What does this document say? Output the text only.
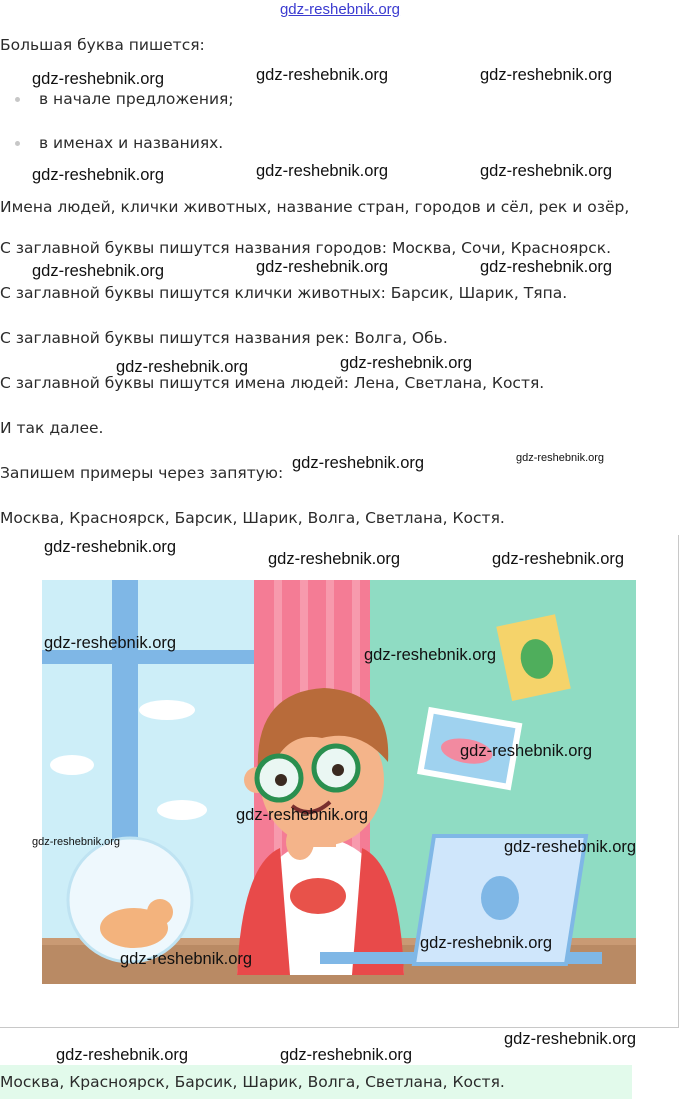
gdz-reshebnik.org
Большая буква пишется:
в начале предложения;
в именах и названиях.
Имена людей, клички животных, название стран, городов и сёл, рек и озёр,
С заглавной буквы пишутся названия городов: Москва, Сочи, Красноярск.
С заглавной буквы пишутся клички животных: Барсик, Шарик, Тяпа.
С заглавной буквы пишутся названия рек: Волга, Обь.
С заглавной буквы пишутся имена людей: Лена, Светлана, Костя.
И так далее.
Запишем примеры через запятую:
Москва, Красноярск, Барсик, Шарик, Волга, Светлана, Костя.
Москва, Красноярск, Барсик, Шарик, Волга, Светлана, Костя.
gdz-reshebnik.org	gdz-reshebnik.org	gdz-reshebnik.org
gdz-reshebnik.org	gdz-reshebnik.org	gdz-reshebnik.org
gdz-reshebnik.org	gdz-reshebnik.org	gdz-reshebnik.org
gdz-reshebnik.org	gdz-reshebnik.org
gdz-reshebnik.org	gdz-reshebnik.org
gdz-reshebnik.org
gdz-reshebnik.org	gdz-reshebnik.org
gdz-reshebnik.org
gdz-reshebnik.org
gdz-reshebnik.org
gdz-reshebnik.org
gdz-reshebnik.org	gdz-reshebnik.org
gdz-reshebnik.org
gdz-reshebnik.org
gdz-reshebnik.org
gdz-reshebnik.org	gdz-reshebnik.org
